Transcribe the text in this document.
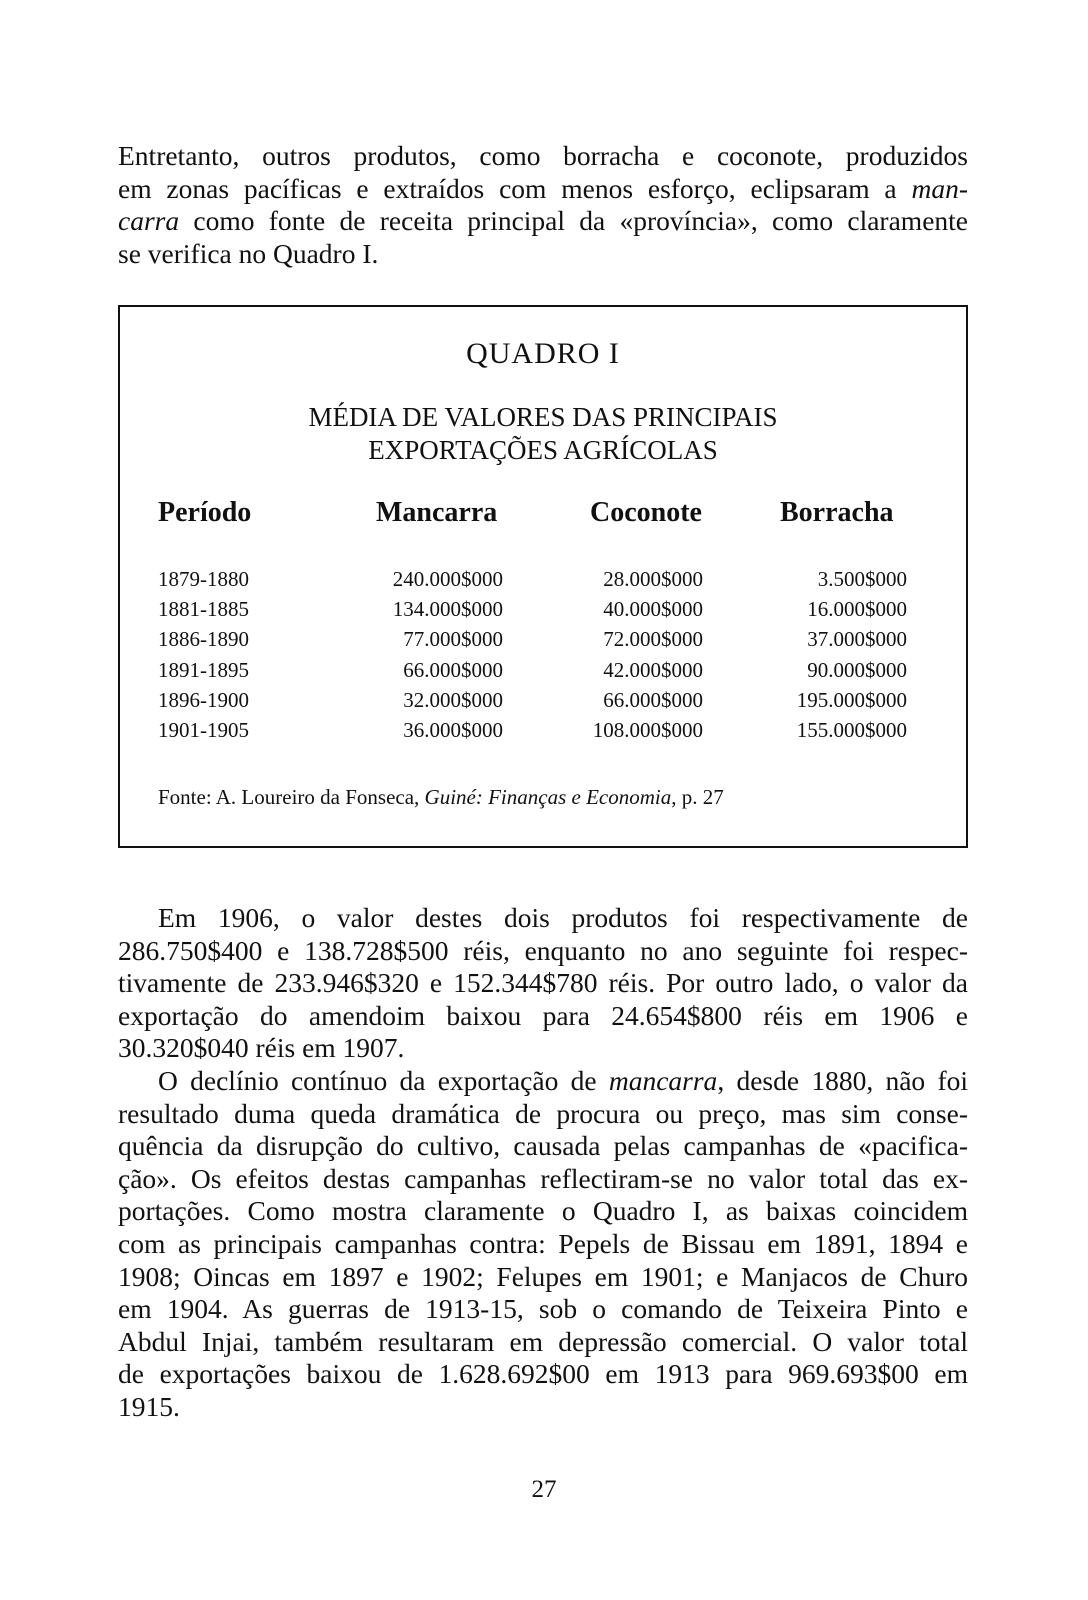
Entretanto, outros produtos, como borracha e coconote, produzidos
em zonas pacíficas e extraídos com menos esforço, eclipsaram a man-
carra como fonte de receita principal da «província», como claramente
se verifica no Quadro I.
QUADRO I
MÉDIA DE VALORES DAS PRINCIPAIS
EXPORTAÇÕES AGRÍCOLAS
Período	Mancarra	Coconote	Borracha
1879-1880	240.000$000	28.000$000	3.500$000
1881-1885	134.000$000	40.000$000	16.000$000
1886-1890	77.000$000	72.000$000	37.000$000
1891-1895	66.000$000	42.000$000	90.000$000
1896-1900	32.000$000	66.000$000	195.000$000
1901-1905	36.000$000	108.000$000	155.000$000
Fonte: A. Loureiro da Fonseca, Guiné: Finanças e Economia, p. 27
Em 1906, o valor destes dois produtos foi respectivamente de
286.750$400 e 138.728$500 réis, enquanto no ano seguinte foi respec-
tivamente de 233.946$320 e 152.344$780 réis. Por outro lado, o valor da
exportação do amendoim baixou para 24.654$800 réis em 1906 e
30.320$040 réis em 1907.
O declínio contínuo da exportação de mancarra, desde 1880, não foi
resultado duma queda dramática de procura ou preço, mas sim conse-
quência da disrupção do cultivo, causada pelas campanhas de «pacifica-
ção». Os efeitos destas campanhas reflectiram-se no valor total das ex-
portações. Como mostra claramente o Quadro I, as baixas coincidem
com as principais campanhas contra: Pepels de Bissau em 1891, 1894 e
1908; Oincas em 1897 e 1902; Felupes em 1901; e Manjacos de Churo
em 1904. As guerras de 1913-15, sob o comando de Teixeira Pinto e
Abdul Injai, também resultaram em depressão comercial. O valor total
de exportações baixou de 1.628.692$00 em 1913 para 969.693$00 em
1915.
27
